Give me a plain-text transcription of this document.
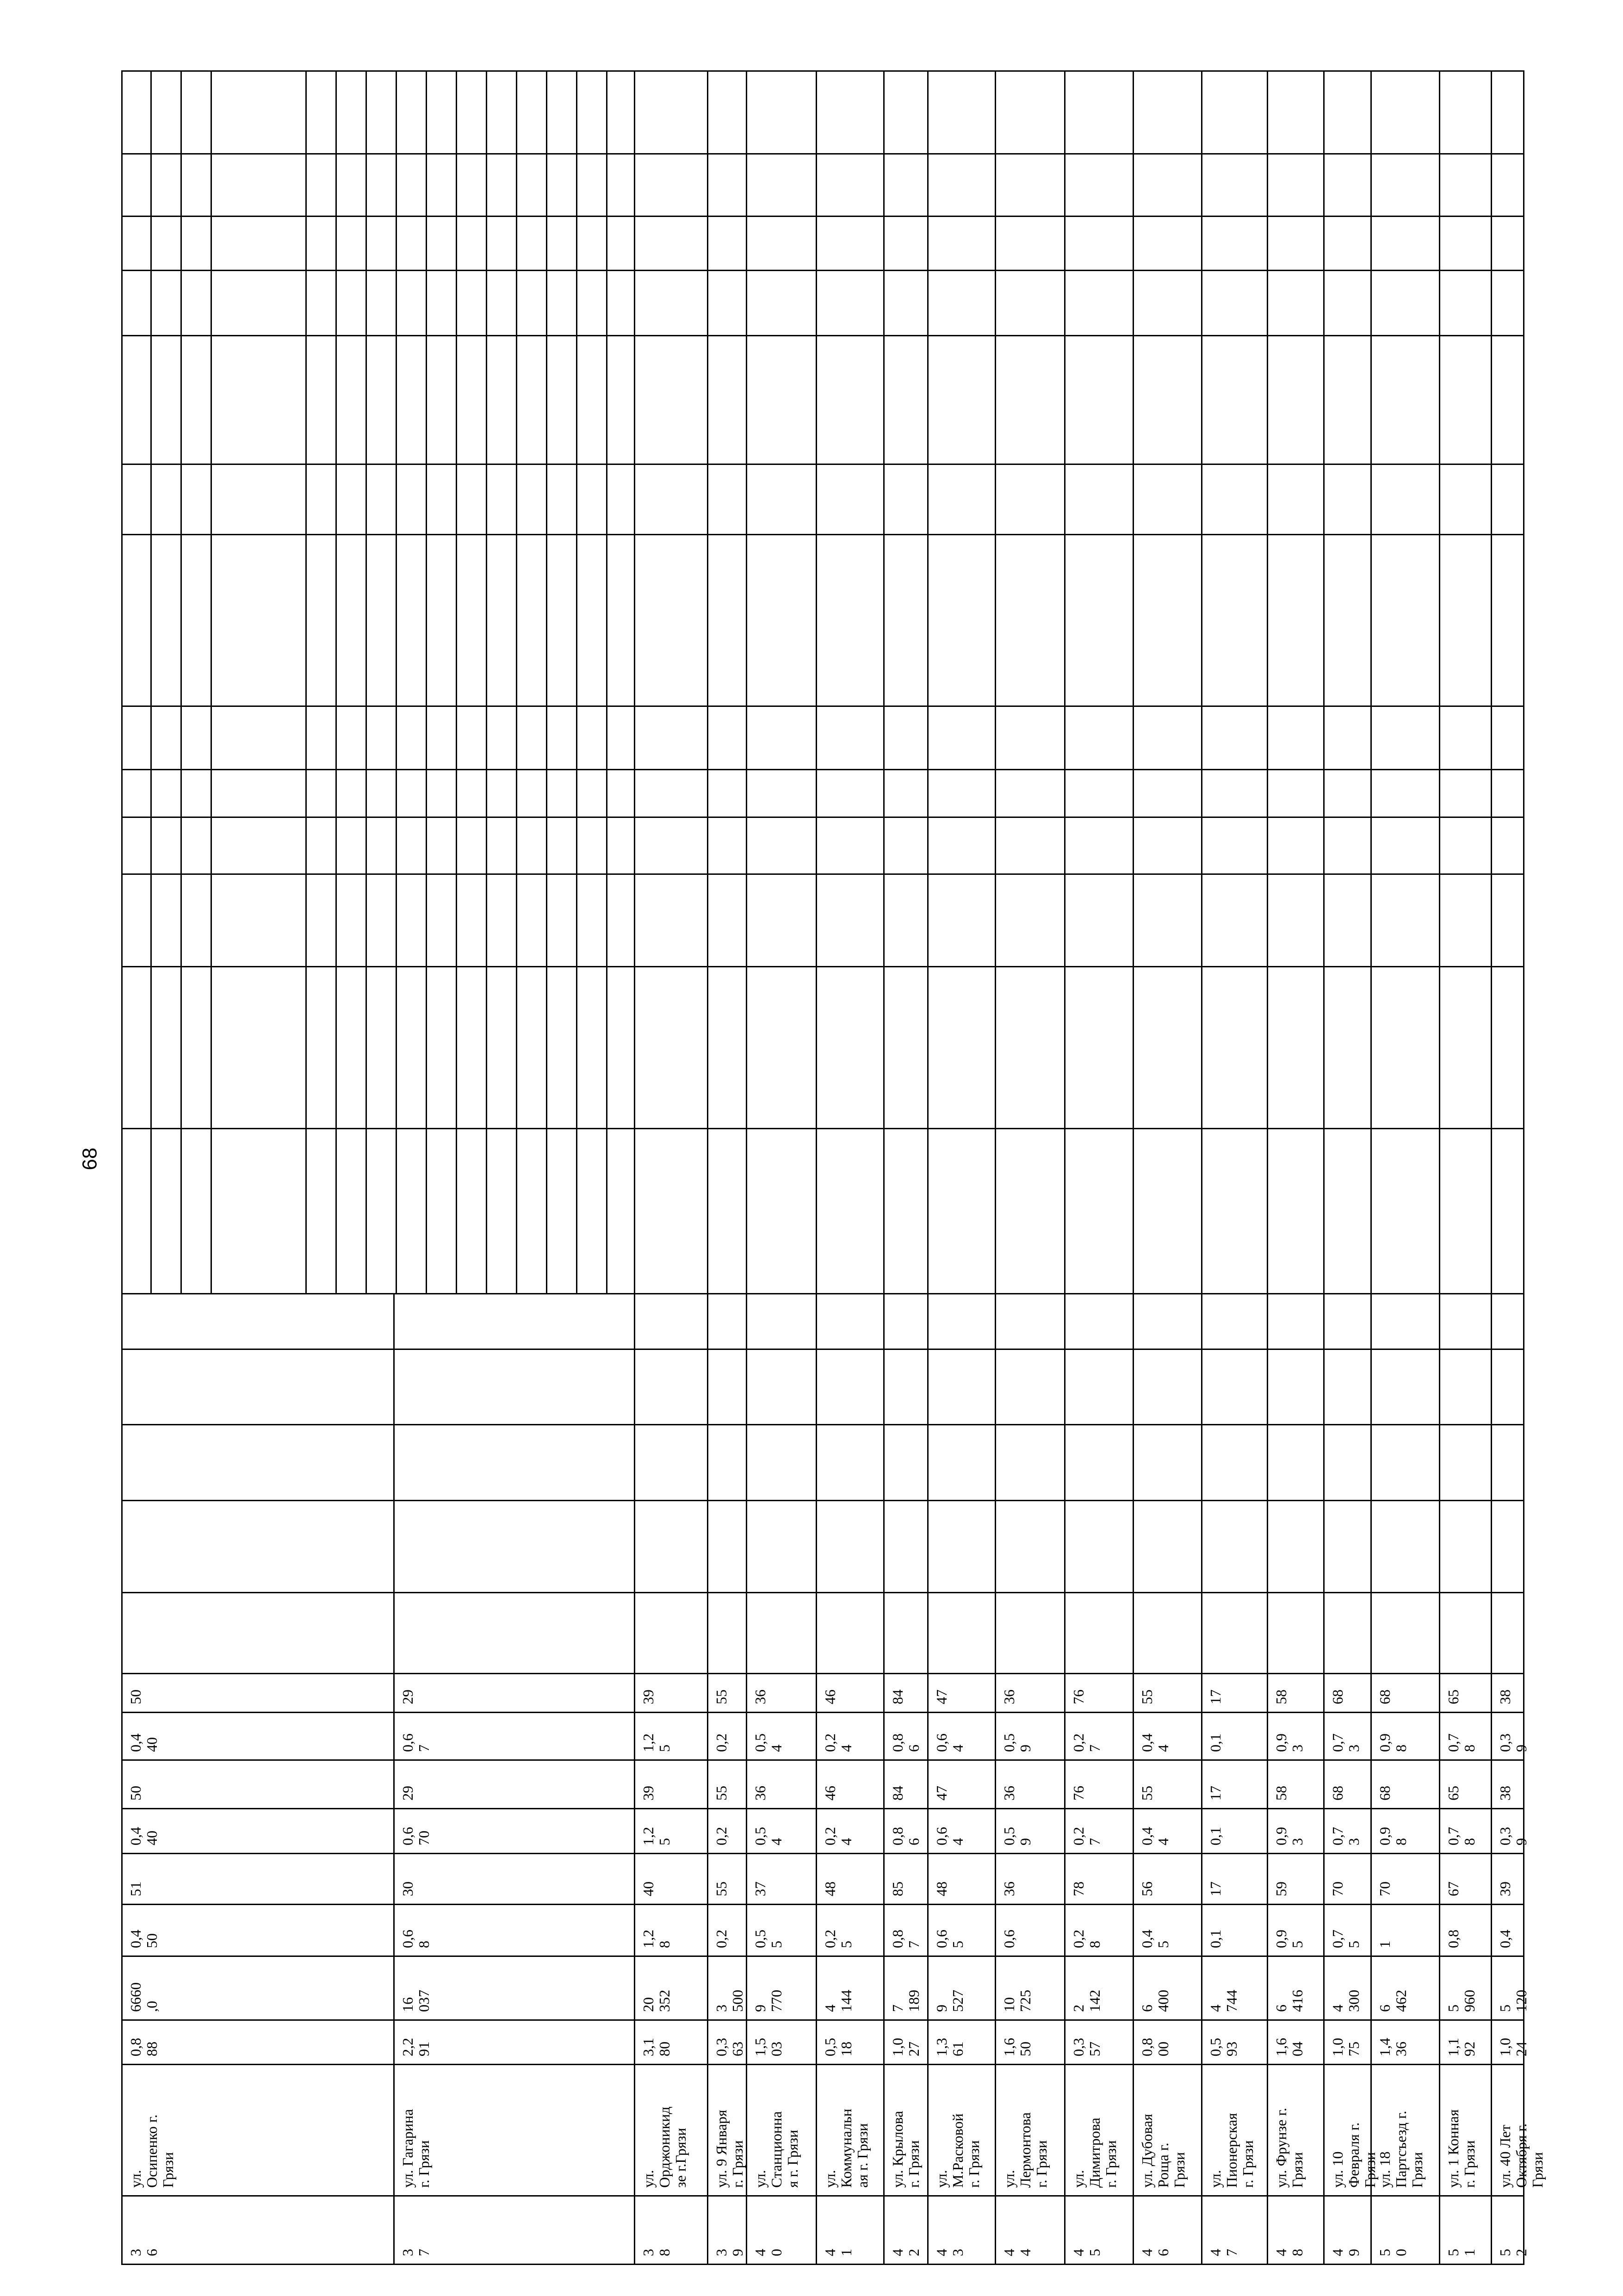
68
3
6
ул.
Осипенко г.
Грязи
0,8
88
6660
,0
0,4
50
51
0,4
40
50
0,4
40
50
3
7
ул. Гагарина
г. Грязи
2,2
91
16
037
0,6
8
30
0,6
70
29
0,6
7
29
3
8
ул.
Орджоникид
зе г.Грязи
3,1
80
20
352
1,2
8
40
1,2
5
39
1,2
5
39
3
9
ул. 9 Января
г. Грязи
0,3
63
3
500
0,2
55
0,2
55
0,2
55
4
0
ул.
Станционна
я г. Грязи
1,5
03
9
770
0,5
5
37
0,5
4
36
0,5
4
36
4
1
ул.
Коммунальн
ая г. Грязи
0,5
18
4
144
0,2
5
48
0,2
4
46
0,2
4
46
4
2
ул. Крылова
г. Грязи
1,0
27
7
189
0,8
7
85
0,8
6
84
0,8
6
84
4
3
ул.
М.Расковой
г. Грязи
1,3
61
9
527
0,6
5
48
0,6
4
47
0,6
4
47
4
4
ул.
Лермонтова
г. Грязи
1,6
50
10
725
0,6
36
0,5
9
36
0,5
9
36
4
5
ул.
Димитрова
г. Грязи
0,3
57
2
142
0,2
8
78
0,2
7
76
0,2
7
76
4
6
ул. Дубовая
Роща г.
Грязи
0,8
00
6
400
0,4
5
56
0,4
4
55
0,4
4
55
4
7
ул.
Пионерская
г. Грязи
0,5
93
4
744
0,1
17
0,1
17
0,1
17
4
8
ул. Фрунзе г.
Грязи
1,6
04
6
416
0,9
5
59
0,9
3
58
0,9
3
58
4
9
ул. 10
Февраля г.
Грязи
1,0
75
4
300
0,7
5
70
0,7
3
68
0,7
3
68
5
0
ул. 18
Партсъезд г.
Грязи
1,4
36
6
462
1
70
0,9
8
68
0,9
8
68
5
1
ул. 1 Конная
г. Грязи
1,1
92
5
960
0,8
67
0,7
8
65
0,7
8
65
5
2
ул. 40 Лет
Октября г.
Грязи
1,0
24
5
120
0,4
39
0,3
9
38
0,3
9
38
